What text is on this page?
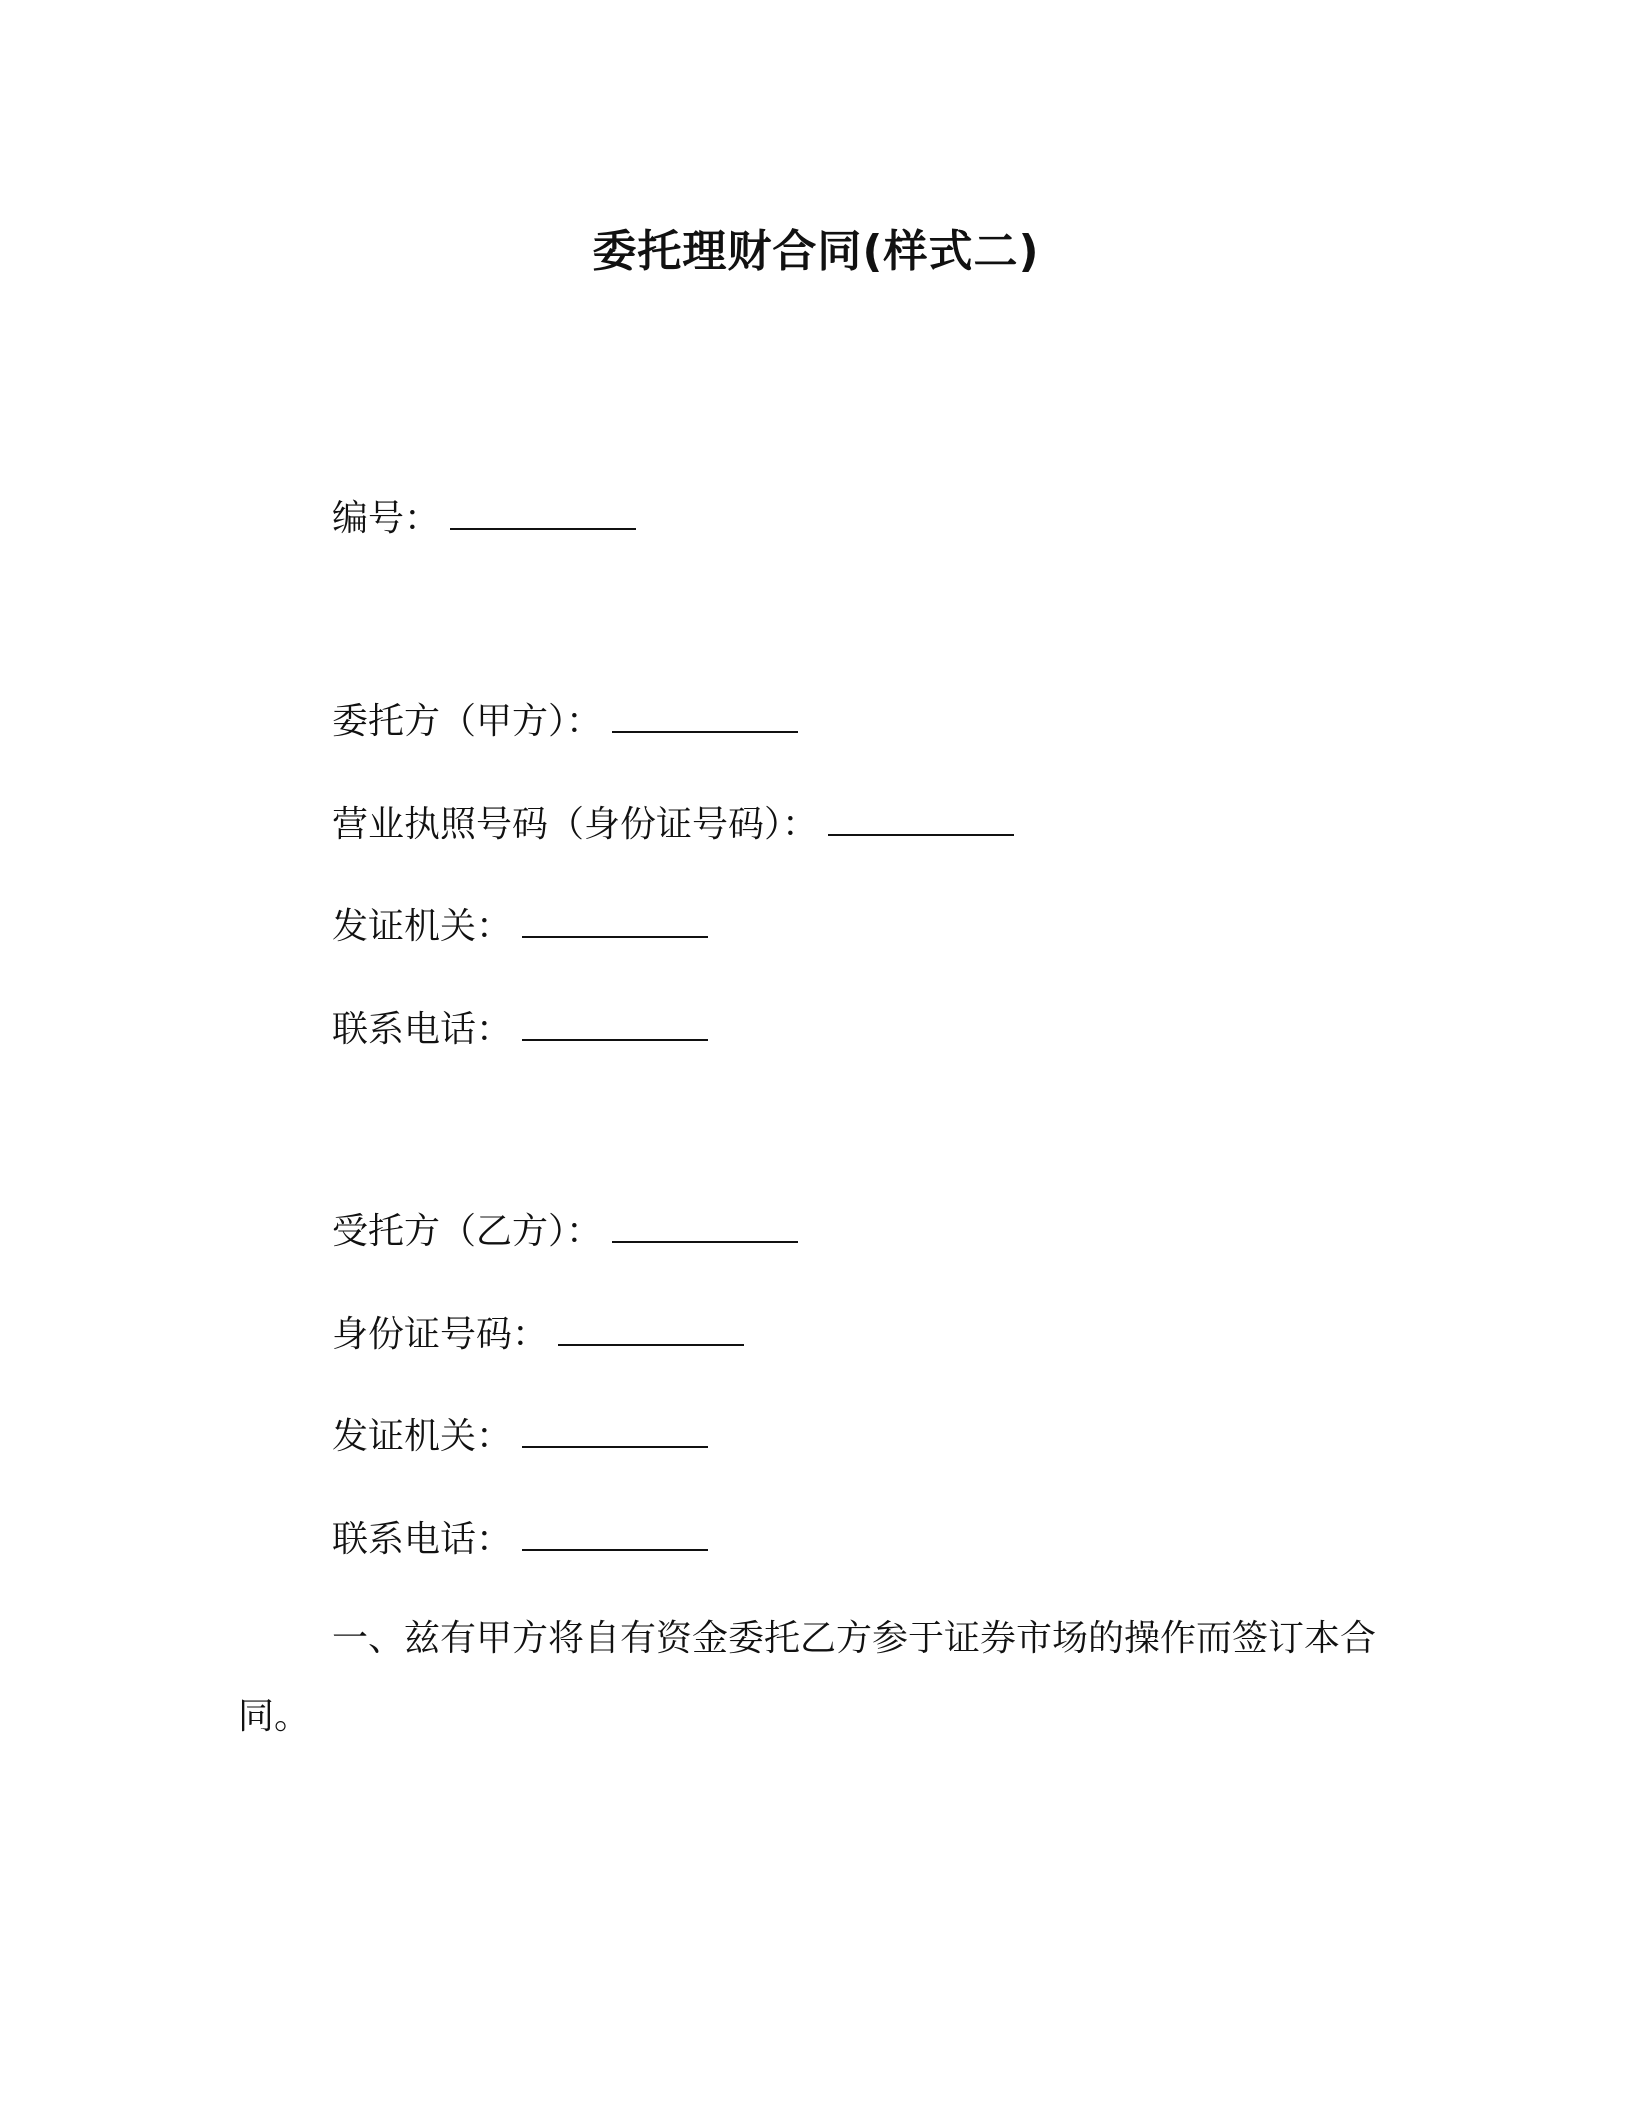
委托理财合同(样式二)
编号：
委托方（甲方）：
营业执照号码（身份证号码）：
发证机关：
联系电话：
受托方（乙方）：
身份证号码：
发证机关：
联系电话：
一、兹有甲方将自有资金委托乙方参于证券市场的操作而签订本合同。
